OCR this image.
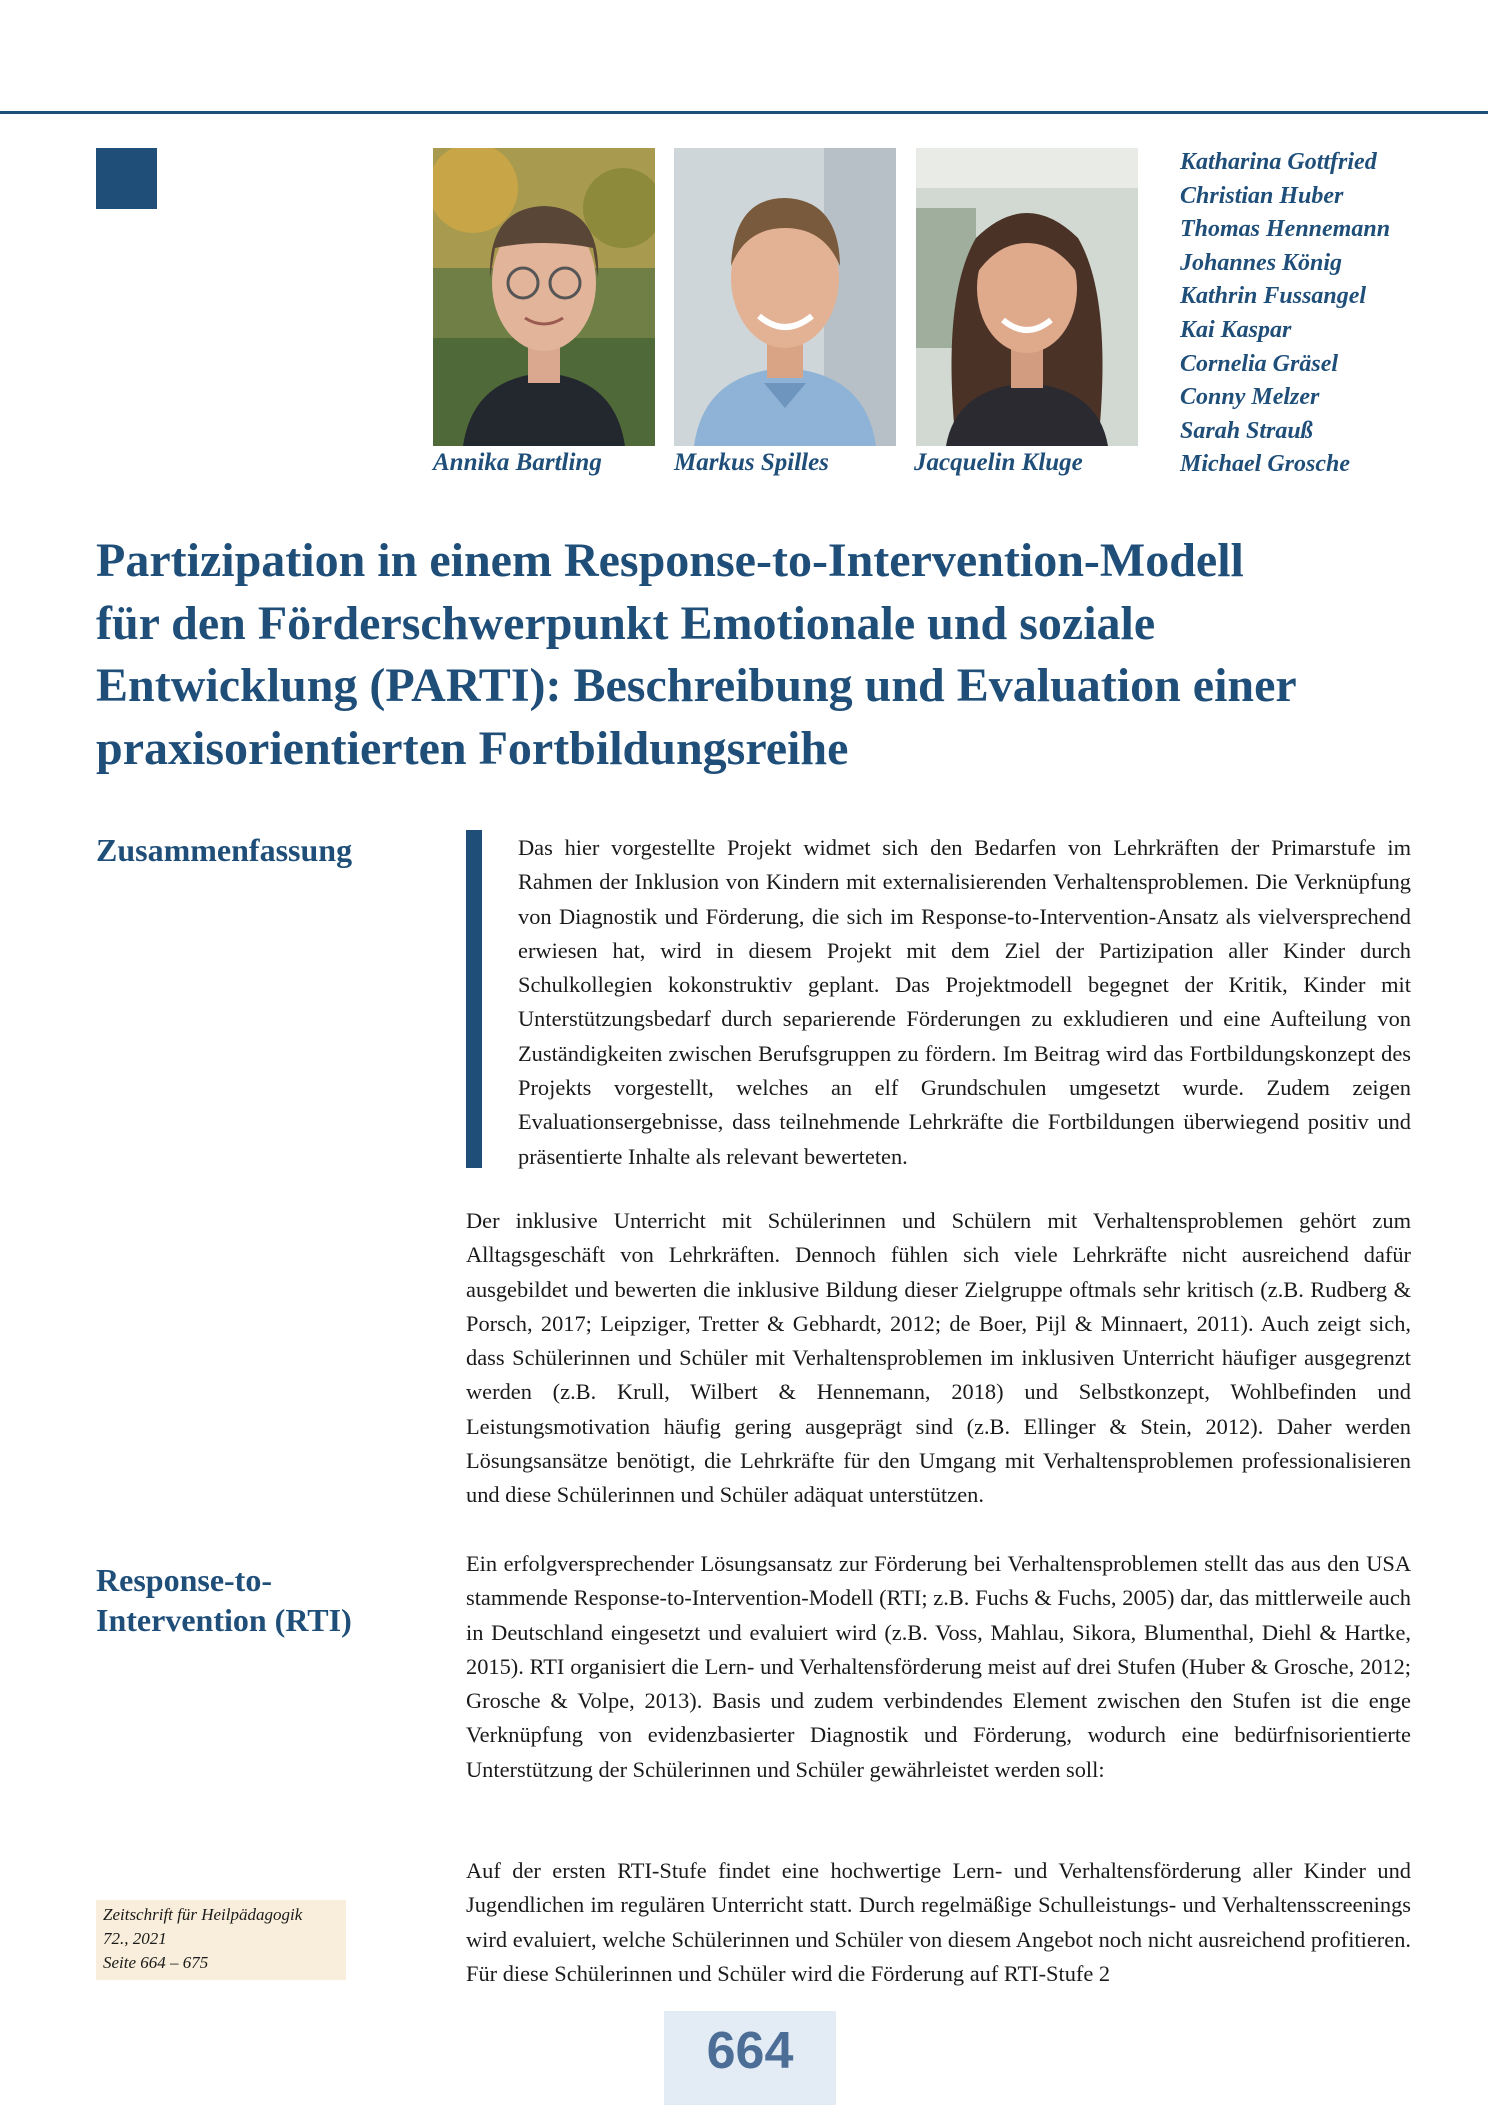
Annika Bartling	Markus Spilles	Jacquelin Kluge
Katharina Gottfried
Christian Huber
Thomas Hennemann
Johannes König
Kathrin Fussangel
Kai Kaspar
Cornelia Gräsel
Conny Melzer
Sarah Strauß
Michael Grosche
Partizipation in einem Response-to-Intervention-Modell
für den Förderschwerpunkt Emotionale und soziale
Entwicklung (PARTI): Beschreibung und Evaluation einer
praxisorientierten Fortbildungsreihe
Zusammenfassung	Das hier vorgestellte Projekt widmet sich den Bedarfen von Lehrkräften der Primarstufe im Rahmen der Inklusion von Kindern mit externalisierenden Verhaltensproblemen. Die Verknüpfung von Diagnostik und Förderung, die sich im Response-to-Intervention-Ansatz als vielversprechend erwiesen hat, wird in diesem Projekt mit dem Ziel der Partizipation aller Kinder durch Schulkollegien kokonstruktiv geplant. Das Projektmodell begegnet der Kritik, Kinder mit Unterstützungsbedarf durch separierende Förderungen zu exkludieren und eine Aufteilung von Zuständigkeiten zwischen Berufsgruppen zu fördern. Im Beitrag wird das Fortbildungskonzept des Projekts vorgestellt, welches an elf Grundschulen umgesetzt wurde. Zudem zeigen Evaluationsergebnisse, dass teilnehmende Lehrkräfte die Fortbildungen überwiegend positiv und präsentierte Inhalte als relevant bewerteten.

Der inklusive Unterricht mit Schülerinnen und Schülern mit Verhaltensproblemen gehört zum Alltagsgeschäft von Lehrkräften. Dennoch fühlen sich viele Lehrkräfte nicht ausreichend dafür ausgebildet und bewerten die inklusive Bildung dieser Zielgruppe oftmals sehr kritisch (z.B. Rudberg & Porsch, 2017; Leipziger, Tretter & Gebhardt, 2012; de Boer, Pijl & Minnaert, 2011). Auch zeigt sich, dass Schülerinnen und Schüler mit Verhaltensproblemen im inklusiven Unterricht häufiger ausgegrenzt werden (z.B. Krull, Wilbert & Hennemann, 2018) und Selbstkonzept, Wohlbefinden und Leistungsmotivation häufig gering ausgeprägt sind (z.B. Ellinger & Stein, 2012). Daher werden Lösungsansätze benötigt, die Lehrkräfte für den Umgang mit Verhaltensproblemen professionalisieren und diese Schülerinnen und Schüler adäquat unterstützen.

Response-to-
Intervention (RTI)

Ein erfolgversprechender Lösungsansatz zur Förderung bei Verhaltensproblemen stellt das aus den USA stammende Response-to-Intervention-Modell (RTI; z.B. Fuchs & Fuchs, 2005) dar, das mittlerweile auch in Deutschland eingesetzt und evaluiert wird (z.B. Voss, Mahlau, Sikora, Blumenthal, Diehl & Hartke, 2015). RTI organisiert die Lern- und Verhaltensförderung meist auf drei Stufen (Huber & Grosche, 2012; Grosche & Volpe, 2013). Basis und zudem verbindendes Element zwischen den Stufen ist die enge Verknüpfung von evidenzbasierter Diagnostik und Förderung, wodurch eine bedürfnisorientierte Unterstützung der Schülerinnen und Schüler gewährleistet werden soll:

Auf der ersten RTI-Stufe findet eine hochwertige Lern- und Verhaltensförderung aller Kinder und Jugendlichen im regulären Unterricht statt. Durch regelmäßige Schulleistungs- und Verhaltensscreenings wird evaluiert, welche Schülerinnen und Schüler von diesem Angebot noch nicht ausreichend profitieren. Für diese Schülerinnen und Schüler wird die Förderung auf RTI-Stufe 2

Zeitschrift für Heilpädagogik
72., 2021
Seite 664 – 675
664
